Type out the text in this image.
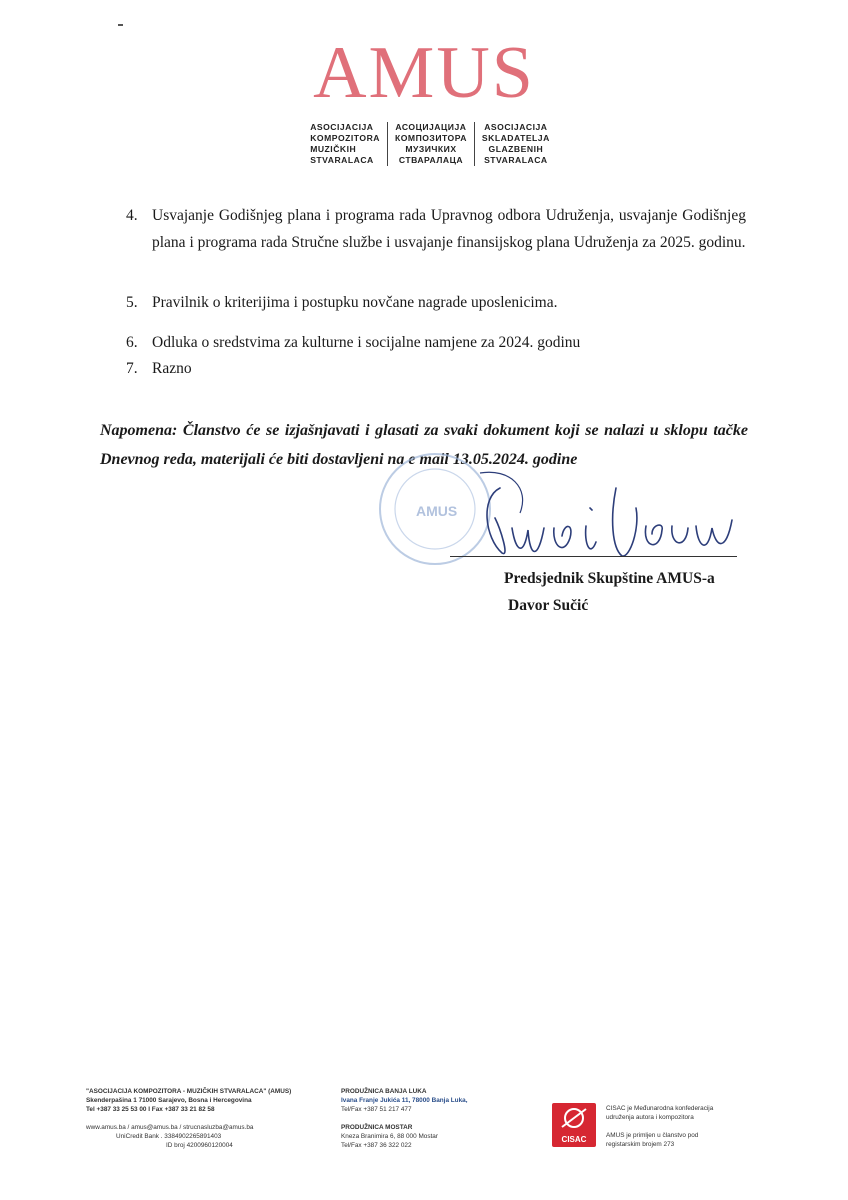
AMUS
ASOCIJACIJA
KOMPOZITORA
MUZIČKIH
STVARALACA
АСОЦИЈАЦИЈА
КОМПОЗИТОРА
МУЗИЧКИХ
СТВАРАЛАЦА
ASOCIJACIJA
SKLADATELJA
GLAZBENIH
STVARALACA
4. Usvajanje Godišnjeg plana i programa rada Upravnog odbora Udruženja, usvajanje Godišnjeg plana i programa rada Stručne službe i usvajanje finansijskog plana Udruženja za 2025. godinu.
5. Pravilnik o kriterijima i postupku novčane nagrade uposlenicima.
6. Odluka o sredstvima za kulturne i socijalne namjene za 2024. godinu
7. Razno
Napomena: Članstvo će se izjašnjavati i glasati za svaki dokument koji se nalazi u sklopu tačke Dnevnog reda, materijali će biti dostavljeni na e mail 13.05.2024. godine
AMUS
Predsjednik Skupštine AMUS-a
Davor Sučić
"ASOCIJACIJA KOMPOZITORA - MUZIČKIH STVARALACA" (AMUS)
Skenderpašina 1 71000 Sarajevo, Bosna i Hercegovina
Tel +387 33 25 53 00 I Fax +387 33 21 82 58

www.amus.ba / amus@amus.ba / strucnasluzba@amus.ba
UniCredit Bank . 3384902265891403
ID broj 4200960120004
PRODUŽNICA BANJA LUKA
Ivana Franje Jukića 11, 78000 Banja Luka,
Tel/Fax +387 51 217 477

PRODUŽNICA MOSTAR
Kneza Branimira 6, 88 000 Mostar
Tel/Fax +387 36 322 022
CISAC
CISAC je Međunarodna konfederacija
udruženja autora i kompozitora

AMUS je primljen u članstvo pod
registarskim brojem 273
